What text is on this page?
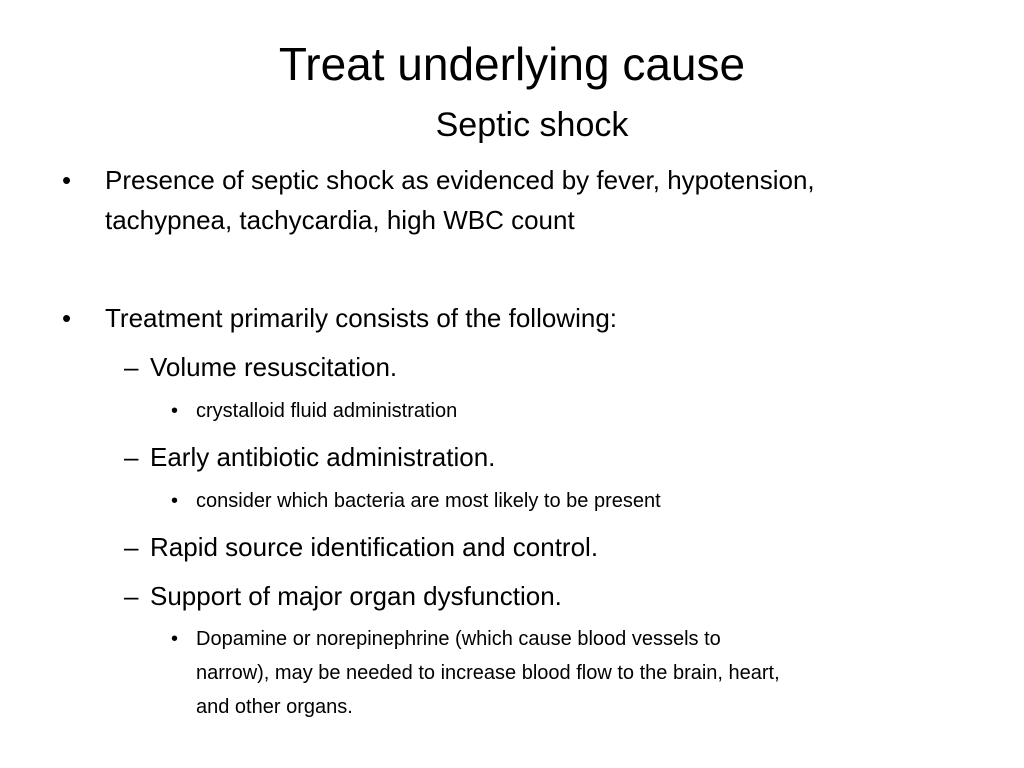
Treat underlying cause
Septic shock
• Presence of septic shock as evidenced by fever, hypotension,
tachypnea, tachycardia, high WBC count
• Treatment primarily consists of the following:
– Volume resuscitation.
• crystalloid fluid administration
– Early antibiotic administration.
• consider which bacteria are most likely to be present
– Rapid source identification and control.
– Support of major organ dysfunction.
• Dopamine or norepinephrine (which cause blood vessels to
narrow), may be needed to increase blood flow to the brain, heart,
and other organs.
